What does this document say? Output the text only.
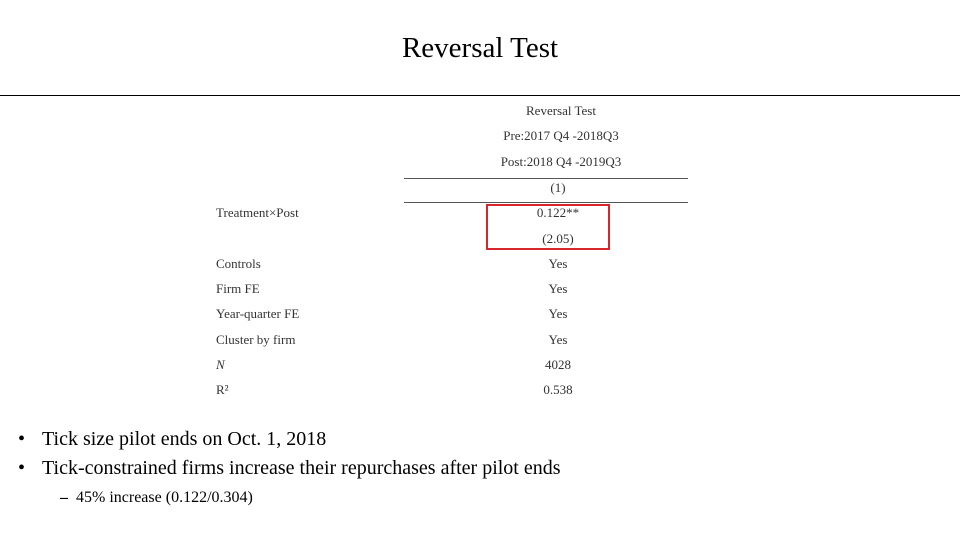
Reversal Test
Reversal Test
Pre:2017 Q4 -2018Q3
Post:2018 Q4 -2019Q3
(1)
Treatment×Post	0.122**
(2.05)
Controls	Yes
Firm FE	Yes
Year-quarter FE	Yes
Cluster by firm	Yes
N	4028
R²	0.538
• Tick size pilot ends on Oct. 1, 2018
• Tick-constrained firms increase their repurchases after pilot ends
– 45% increase (0.122/0.304)
